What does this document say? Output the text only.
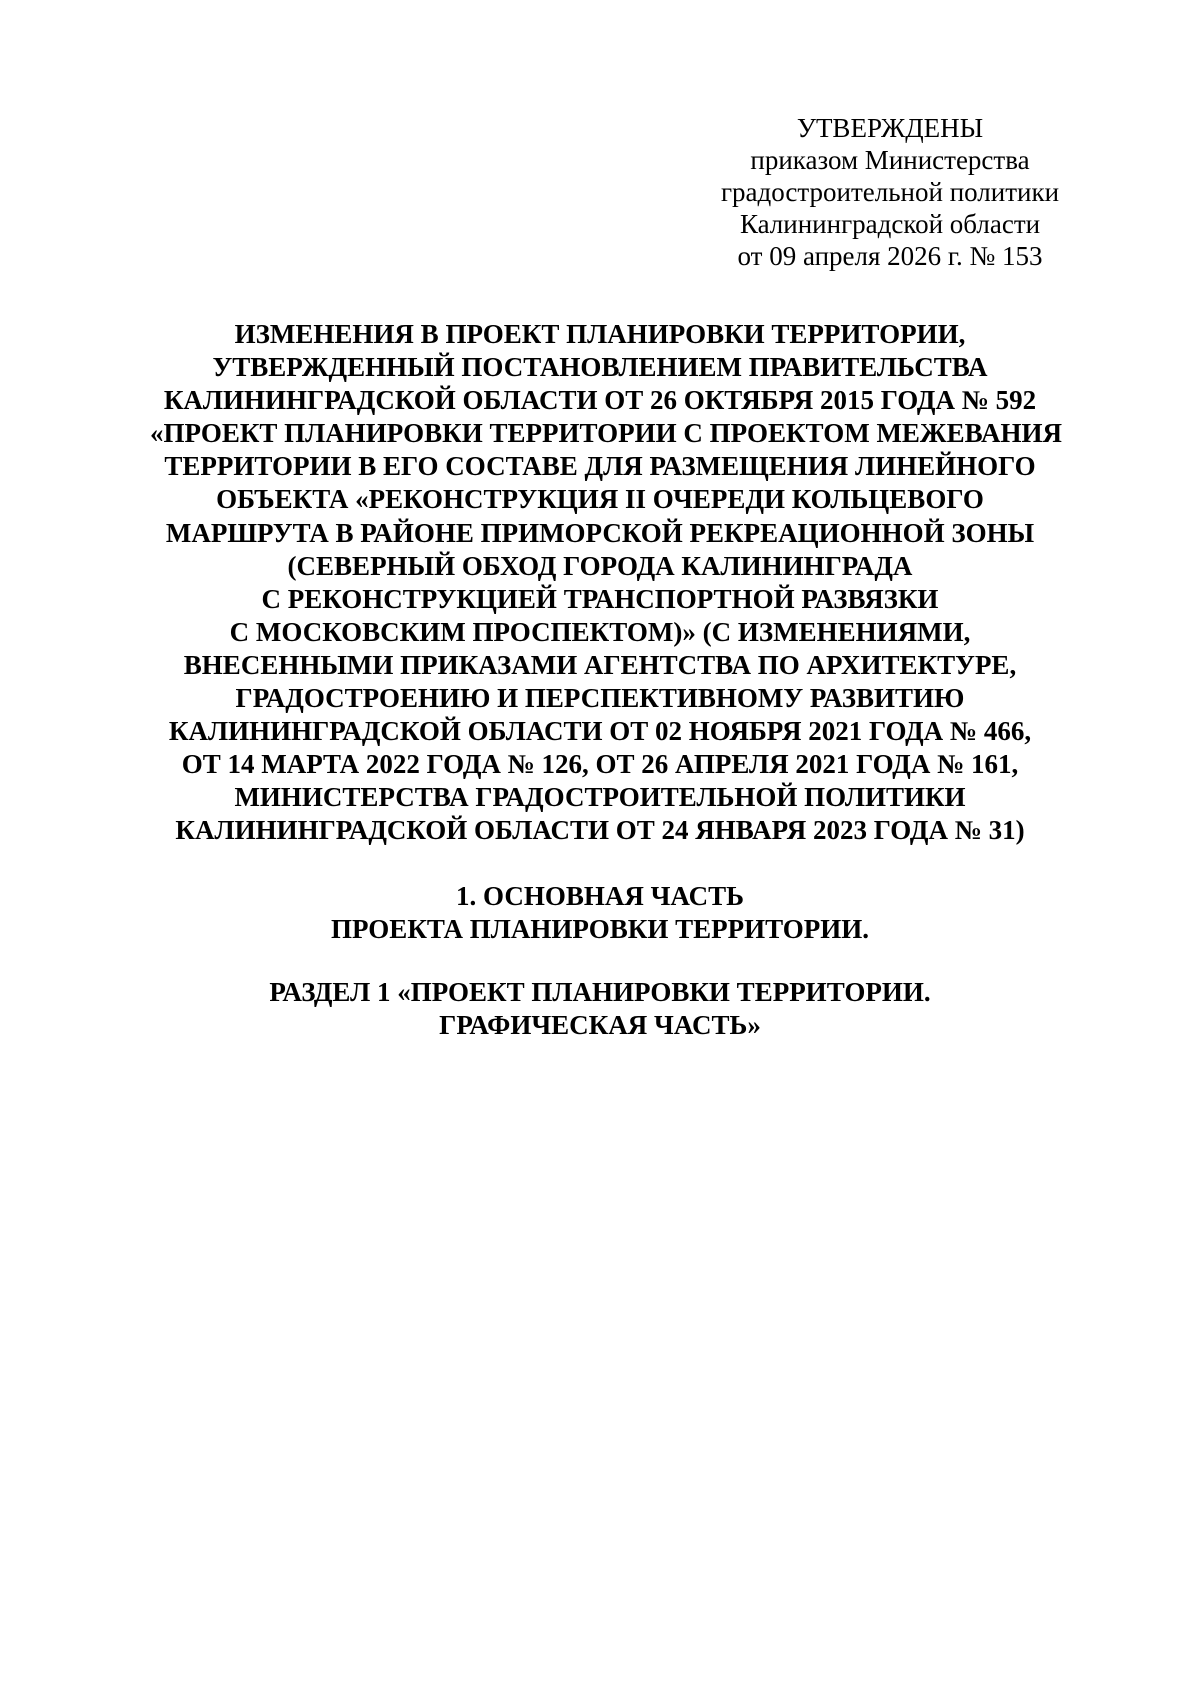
УТВЕРЖДЕНЫ
приказом Министерства
градостроительной политики
Калининградской области
от 09 апреля 2026 г. № 153
ИЗМЕНЕНИЯ В ПРОЕКТ ПЛАНИРОВКИ ТЕРРИТОРИИ,
УТВЕРЖДЕННЫЙ ПОСТАНОВЛЕНИЕМ ПРАВИТЕЛЬСТВА
КАЛИНИНГРАДСКОЙ ОБЛАСТИ ОТ 26 ОКТЯБРЯ 2015 ГОДА № 592
«ПРОЕКТ ПЛАНИРОВКИ ТЕРРИТОРИИ С ПРОЕКТОМ МЕЖЕВАНИЯ
ТЕРРИТОРИИ В ЕГО СОСТАВЕ ДЛЯ РАЗМЕЩЕНИЯ ЛИНЕЙНОГО
ОБЪЕКТА «РЕКОНСТРУКЦИЯ II ОЧЕРЕДИ КОЛЬЦЕВОГО
МАРШРУТА В РАЙОНЕ ПРИМОРСКОЙ РЕКРЕАЦИОННОЙ ЗОНЫ
(СЕВЕРНЫЙ ОБХОД ГОРОДА КАЛИНИНГРАДА
С РЕКОНСТРУКЦИЕЙ ТРАНСПОРТНОЙ РАЗВЯЗКИ
С МОСКОВСКИМ ПРОСПЕКТОМ)» (С ИЗМЕНЕНИЯМИ,
ВНЕСЕННЫМИ ПРИКАЗАМИ АГЕНТСТВА ПО АРХИТЕКТУРЕ,
ГРАДОСТРОЕНИЮ И ПЕРСПЕКТИВНОМУ РАЗВИТИЮ
КАЛИНИНГРАДСКОЙ ОБЛАСТИ ОТ 02 НОЯБРЯ 2021 ГОДА № 466,
ОТ 14 МАРТА 2022 ГОДА № 126, ОТ 26 АПРЕЛЯ 2021 ГОДА № 161,
МИНИСТЕРСТВА ГРАДОСТРОИТЕЛЬНОЙ ПОЛИТИКИ
КАЛИНИНГРАДСКОЙ ОБЛАСТИ ОТ 24 ЯНВАРЯ 2023 ГОДА № 31)
1. ОСНОВНАЯ ЧАСТЬ
ПРОЕКТА ПЛАНИРОВКИ ТЕРРИТОРИИ.
РАЗДЕЛ 1 «ПРОЕКТ ПЛАНИРОВКИ ТЕРРИТОРИИ.
ГРАФИЧЕСКАЯ ЧАСТЬ»
